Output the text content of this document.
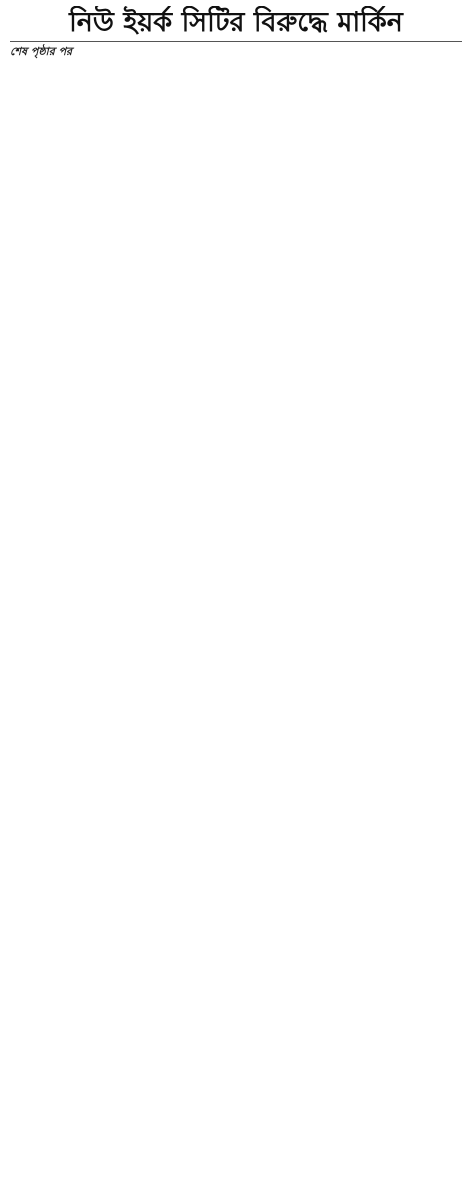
নিউ ইয়র্ক সিটির বিরুদ্ধে মার্কিন
শেষ পৃষ্ঠার পর
